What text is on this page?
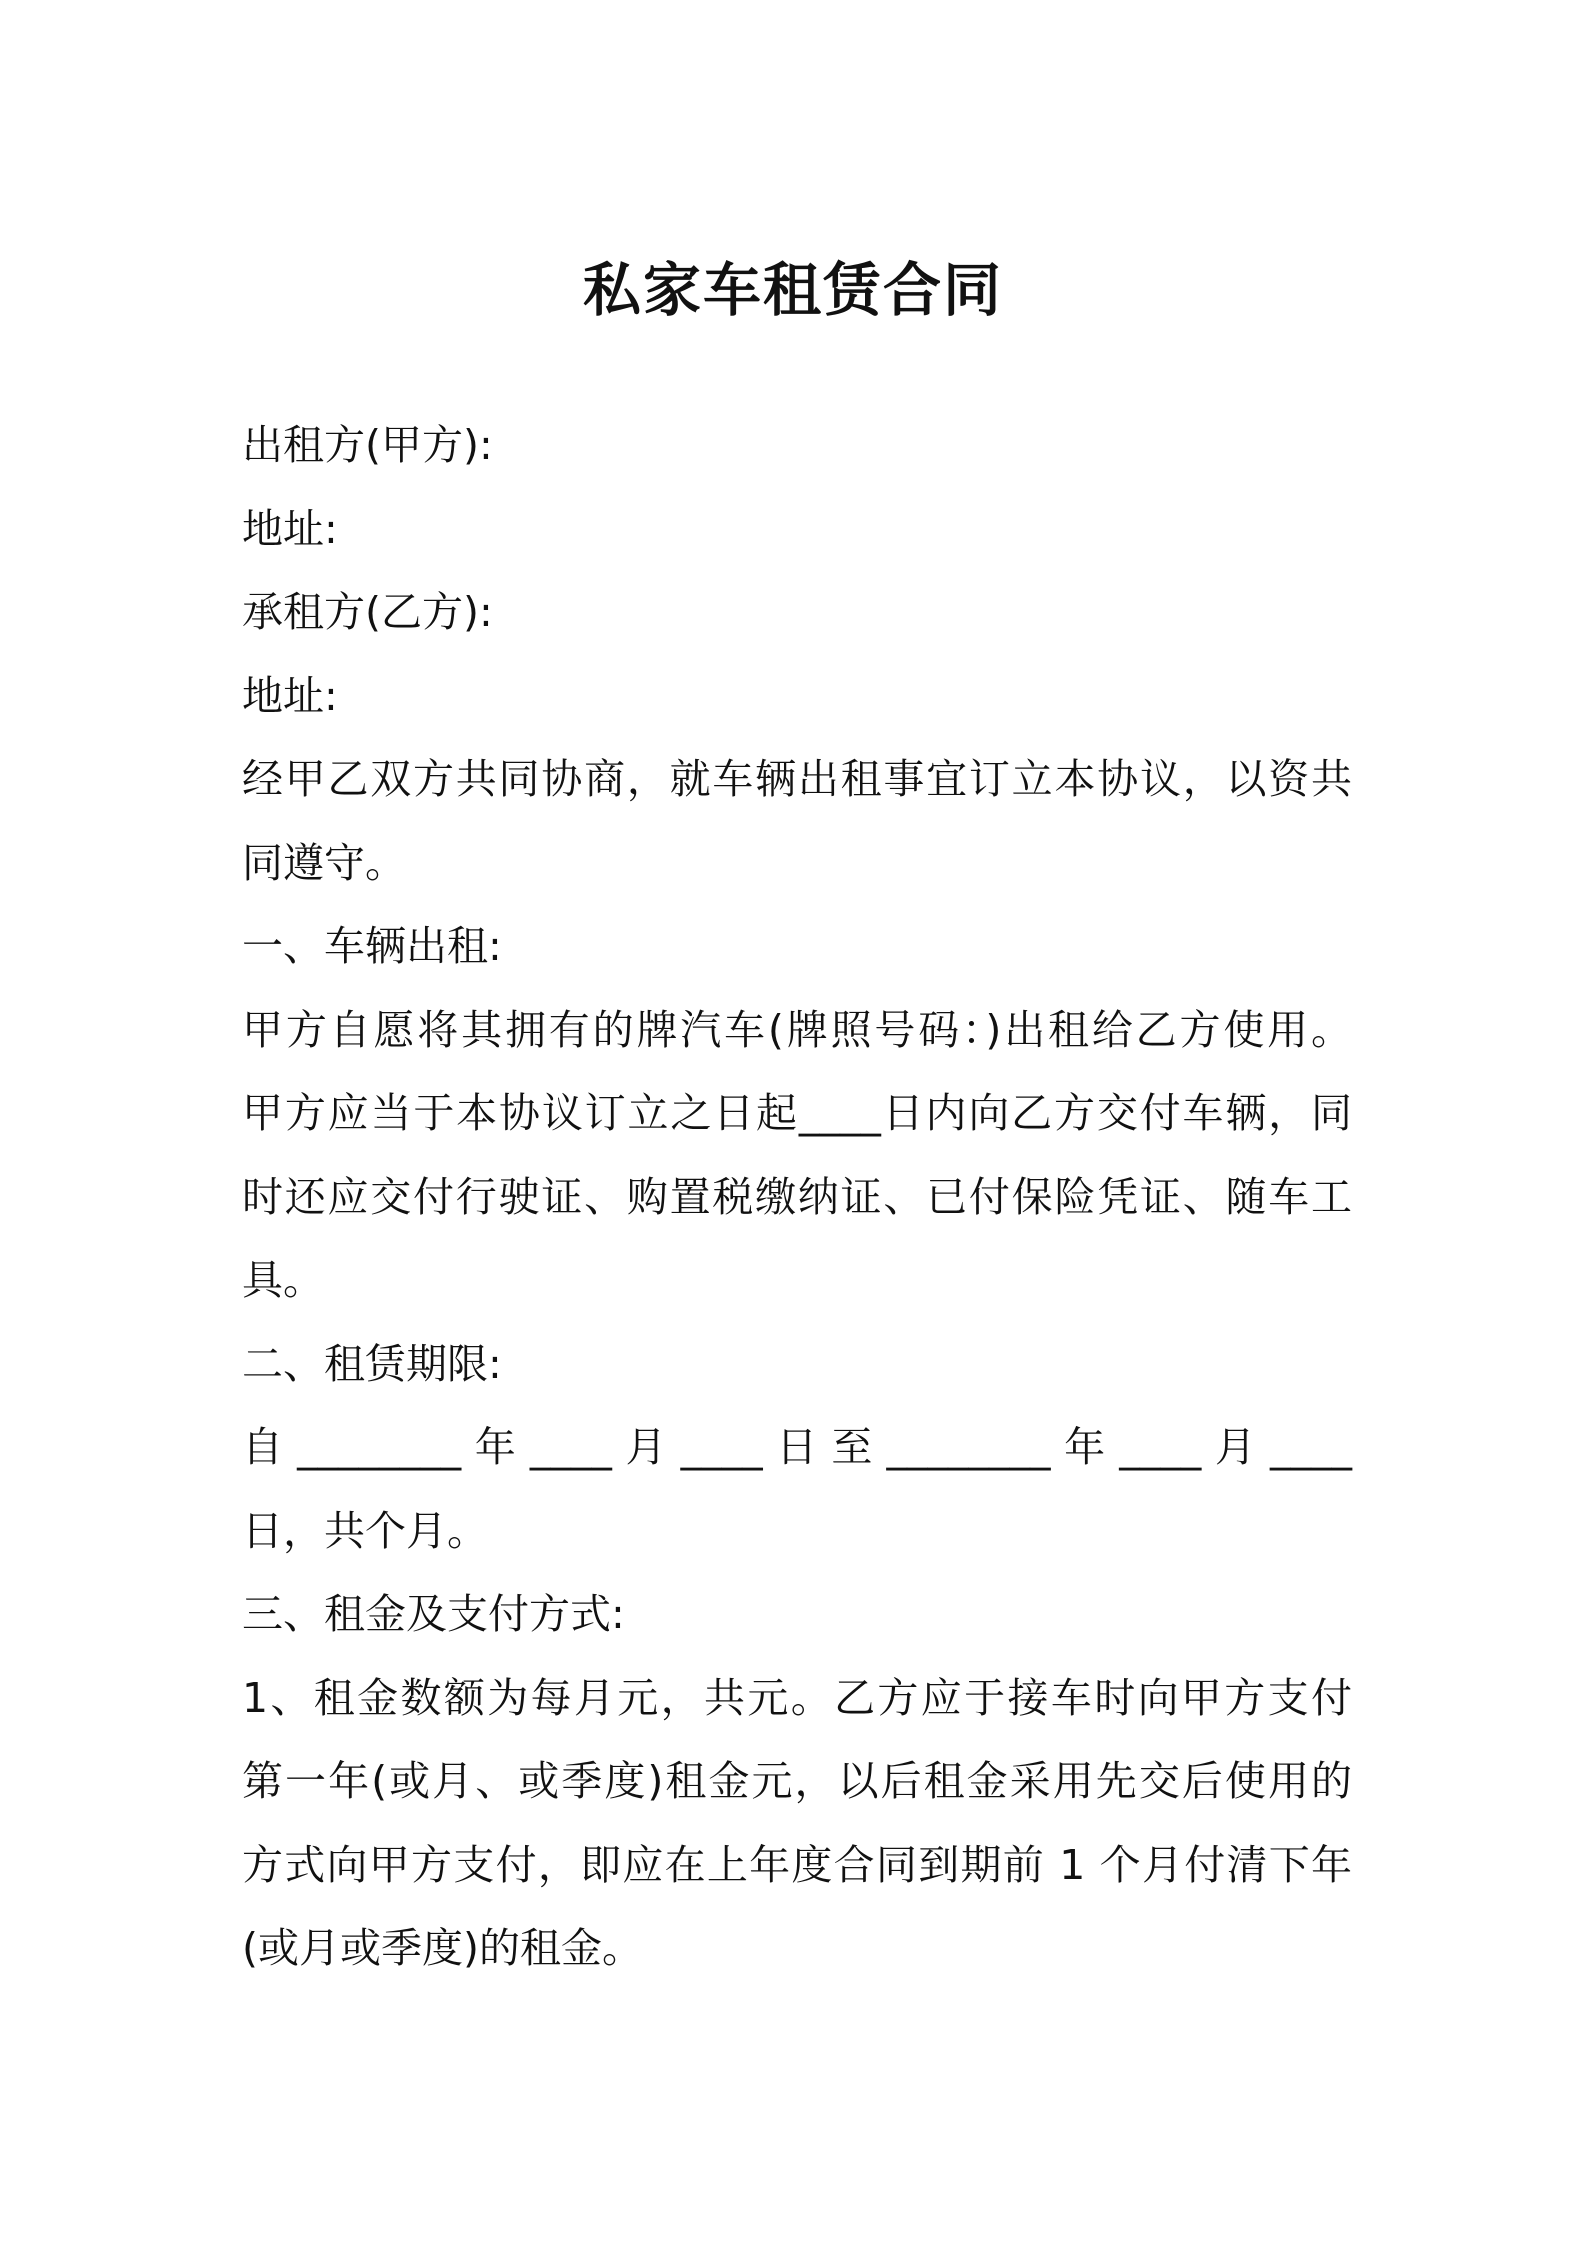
私家车租赁合同
出租方(甲方):
地址:
承租方(乙方):
地址:
经甲乙双方共同协商，就车辆出租事宜订立本协议，以资共
同遵守。
一、车辆出租:
甲方自愿将其拥有的牌汽车(牌照号码：)出租给乙方使用。
甲方应当于本协议订立之日起____日内向乙方交付车辆，同
时还应交付行驶证、购置税缴纳证、已付保险凭证、随车工
具。
二、租赁期限:
自 ________ 年 ____ 月 ____ 日 至 ________ 年 ____ 月 ____
日，共个月。
三、租金及支付方式:
1、租金数额为每月元，共元。乙方应于接车时向甲方支付
第一年(或月、或季度)租金元，以后租金采用先交后使用的
方式向甲方支付，即应在上年度合同到期前 1 个月付清下年
(或月或季度)的租金。
